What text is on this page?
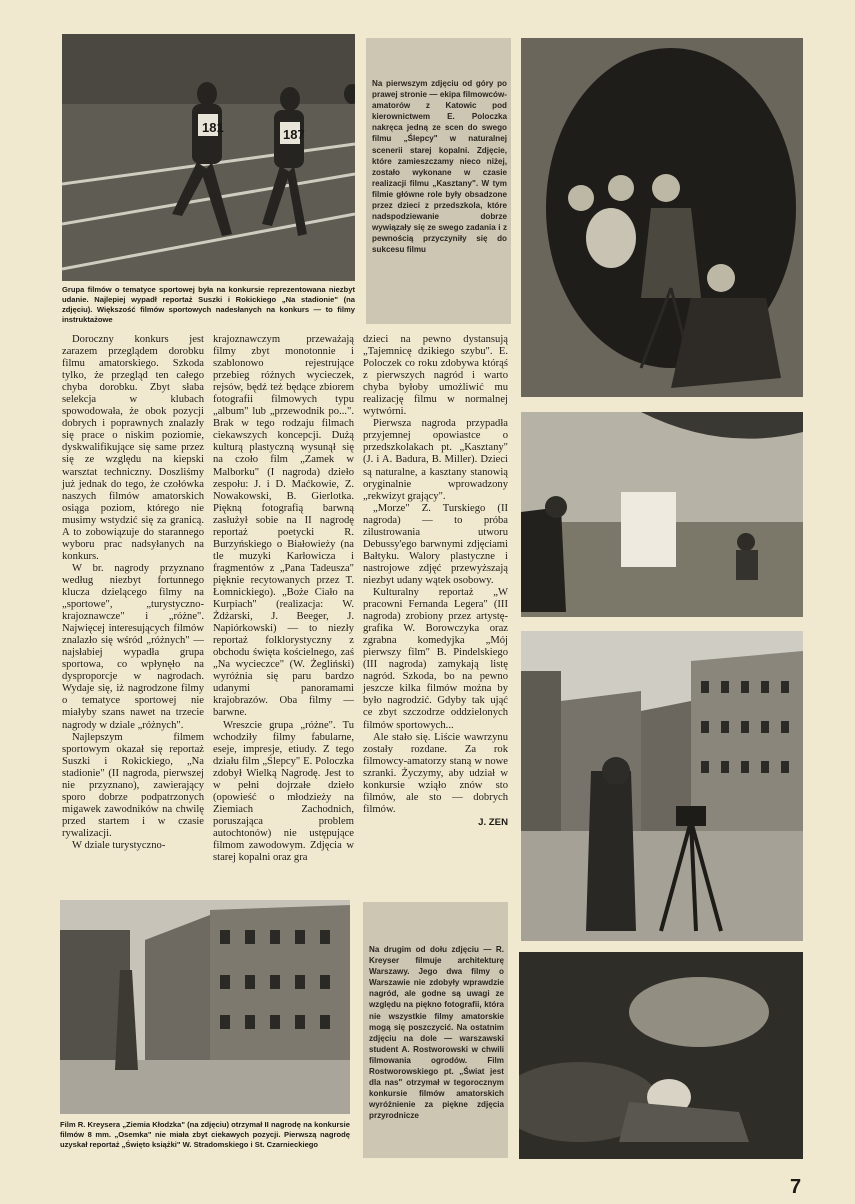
181	187
Grupa filmów o tematyce sportowej była na konkursie reprezentowana niezbyt udanie. Najlepiej wypadł reportaż Suszki i Rokickiego „Na stadionie" (na zdjęciu). Większość filmów sportowych nadesłanych na konkurs — to filmy instruktażowe
Na pierwszym zdjęciu od góry po prawej stronie — ekipa filmowców-amatorów z Katowic pod kierownictwem E. Poloczka nakręca jedną ze scen do swego filmu „Ślepcy" w naturalnej scenerii starej kopalni. Zdjęcie, które zamieszczamy nieco niżej, zostało wykonane w czasie realizacji filmu „Kasztany". W tym filmie główne role były obsadzone przez dzieci z przedszkola, które nadspodziewanie dobrze wywiązały się ze swego zadania i z pewnością przyczyniły się do sukcesu filmu
Film R. Kreysera „Ziemia Kłodzka" (na zdjęciu) otrzymał II nagrodę na konkursie filmów 8 mm. „Osemka" nie miała zbyt ciekawych pozycji. Pierwszą nagrodę uzyskał reportaż „Święto książki" W. Stradomskiego i St. Czarnieckiego
Na drugim od dołu zdjęciu — R. Kreyser filmuje architekturę Warszawy. Jego dwa filmy o Warszawie nie zdobyły wprawdzie nagród, ale godne są uwagi ze względu na piękno fotografii, która nie wszystkie filmy amatorskie mogą się poszczycić. Na ostatnim zdjęciu na dole — warszawski student A. Rostworowski w chwili filmowania ogrodów. Film Rostworowskiego pt. „Świat jest dla nas" otrzymał w tegorocznym konkursie filmów amatorskich wyróżnienie za piękne zdjęcia przyrodnicze

Doroczny konkurs jest zarazem przeglądem dorobku filmu amatorskiego. Szkoda tylko, że przegląd ten całego chyba dorobku. Zbyt słaba selekcja w klubach spowodowała, że obok pozycji dobrych i poprawnych znalazły się prace o niskim poziomie, dyskwalifikujące się same przez się ze względu na kiepski warsztat techniczny. Doszliśmy już jednak do tego, że czołówka naszych filmów amatorskich osiąga poziom, którego nie musimy wstydzić się za granicą. A to zobowiązuje do starannego wyboru prac nadsyłanych na konkurs.

W br. nagrody przyznano według niezbyt fortunnego klucza dzielącego filmy na „sportowe", „turystyczno-krajoznawcze" i „różne". Najwięcej interesujących filmów znalazło się wśród „różnych" — najsłabiej wypadła grupa sportowa, co wpłynęło na dysproporcje w nagrodach. Wydaje się, iż nagrodzone filmy o tematyce sportowej nie miałyby szans nawet na trzecie nagrody w dziale „różnych".

Najlepszym filmem sportowym okazał się reportaż Suszki i Rokickiego, „Na stadionie" (II nagroda, pierwszej nie przyznano), zawierający sporo dobrze podpatrzonych migawek zawodników na chwilę przed startem i w czasie rywalizacji.

W dziale turystyczno-

krajoznawczym przeważają filmy zbyt monotonnie i szablonowo rejestrujące przebieg różnych wycieczek, rejsów, będź też będące zbiorem fotografii filmowych typu „album" lub „przewodnik po...". Brak w tego rodzaju filmach ciekawszych koncepcji. Dużą kulturą plastyczną wysunął się na czoło film „Zamek w Malborku" (I nagroda) dzieło zespołu: J. i D. Maćkowie, Z. Nowakowski, B. Gierlotka. Piękną fotografią barwną zasłużył sobie na II nagrodę reportaż poetycki R. Burzyńskiego o Białowieży (na tle muzyki Karłowicza i fragmentów z „Pana Tadeusza" pięknie recytowanych przez T. Łomnickiego). „Boże Ciało na Kurpiach" (realizacja: W. Żdżarski, J. Beeger, J. Napiórkowski) — to niezły reportaż folklorystyczny z obchodu święta kościelnego, zaś „Na wycieczce" (W. Żegliński) wyróżnia się paru bardzo udanymi panoramami krajobrazów. Oba filmy — barwne.

Wreszcie grupa „różne". Tu wchodziły filmy fabularne, eseje, impresje, etiudy. Z tego działu film „Ślepcy" E. Poloczka zdobył Wielką Nagrodę. Jest to w pełni dojrzałe dzieło (opowieść o młodzieży na Ziemiach Zachodnich, poruszająca problem autochtonów) nie ustępujące filmom zawodowym. Zdjęcia w starej kopalni oraz gra

dzieci na pewno dystansują „Tajemnicę dzikiego szybu". E. Poloczek co roku zdobywa którąś z pierwszych nagród i warto chyba byłoby umożliwić mu realizację filmu w normalnej wytwórni.

Pierwsza nagroda przypadła przyjemnej opowiastce o przedszkolakach pt. „Kasztany" (J. i A. Badura, B. Miller). Dzieci są naturalne, a kasztany stanowią oryginalnie wprowadzony „rekwizyt grający".

„Morze" Z. Turskiego (II nagroda) — to próba zilustrowania utworu Debussy'ego barwnymi zdjęciami Bałtyku. Walory plastyczne i nastrojowe zdjęć przewyższają niezbyt udany wątek osobowy.

Kulturalny reportaż „W pracowni Fernanda Legera" (III nagroda) zrobiony przez artystę-grafika W. Borowczyka oraz zgrabna komedyjka „Mój pierwszy film" B. Pindelskiego (III nagroda) zamykają listę nagród. Szkoda, bo na pewno jeszcze kilka filmów można by było nagrodzić. Gdyby tak ująć ce zbyt szczodrze oddzielonych filmów sportowych...

Ale stało się. Liście wawrzynu zostały rozdane. Za rok filmowcy-amatorzy staną w nowe szranki. Życzymy, aby udział w konkursie wziąło znów sto filmów, ale sto — dobrych filmów.

J. ZEN
7
